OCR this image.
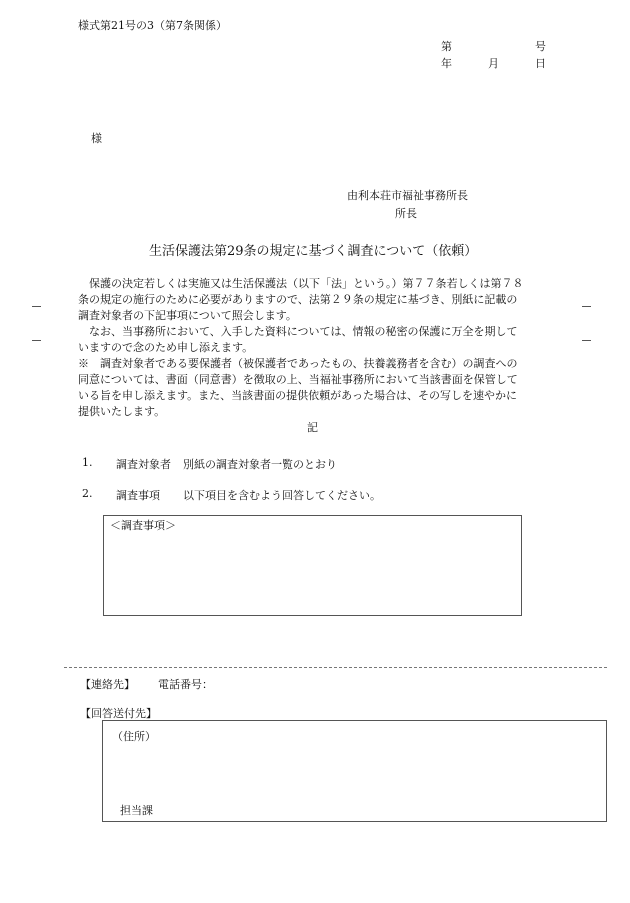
様式第21号の3（第7条関係）
第	号
年	月	日
様
由利本荘市福祉事務所長
所長
生活保護法第29条の規定に基づく調査について（依頼）
保護の決定若しくは実施又は生活保護法（以下「法」という。）第７７条若しくは第７８
条の規定の施行のために必要がありますので、法第２９条の規定に基づき、別紙に記載の
調査対象者の下記事項について照会します。
なお、当事務所において、入手した資料については、情報の秘密の保護に万全を期して
いますので念のため申し添えます。
※　調査対象者である要保護者（被保護者であったもの、扶養義務者を含む）の調査への
同意については、書面（同意書）を徴取の上、当福祉事務所において当該書面を保管して
いる旨を申し添えます。また、当該書面の提供依頼があった場合は、その写しを速やかに
提供いたします。
記
1. 調査対象者 別紙の調査対象者一覧のとおり
2. 調査事項 以下項目を含むよう回答してください。
＜調査事項＞
【連絡先】 電話番号：
【回答送付先】
（住所）
担当課
